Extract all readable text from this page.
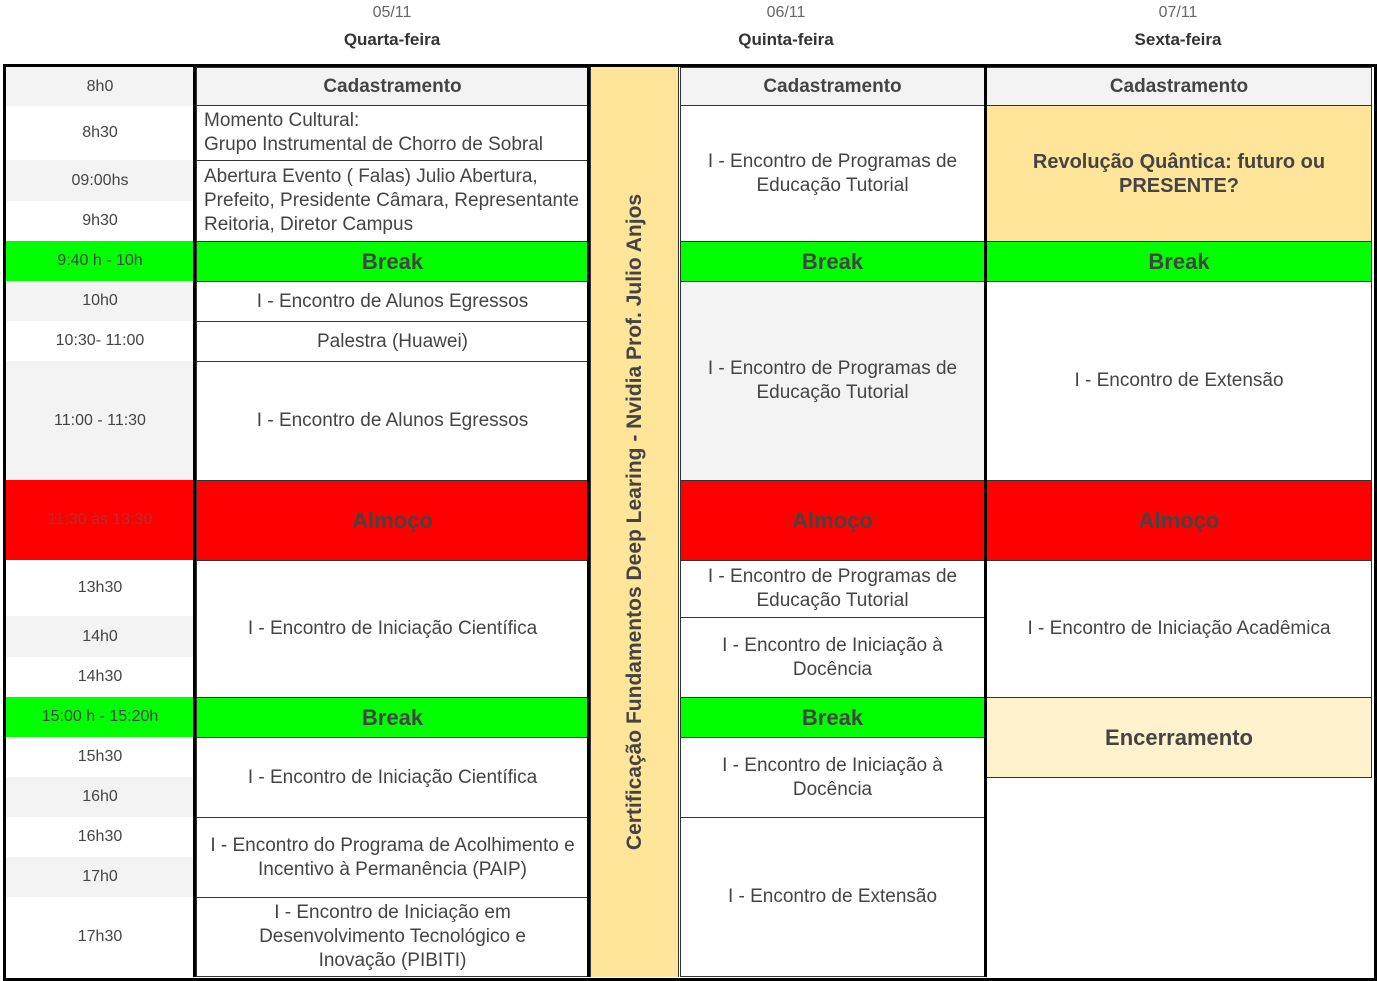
05/11
Quarta-feira
06/11
Quinta-feira
07/11
Sexta-feira
8h0
8h30
09:00hs
9h30
9:40 h - 10h
10h0
10:30- 11:00
11:00 - 11:30
11:30 às 13:30
13h30
14h0
14h30
15:00 h - 15:20h
15h30
16h0
16h30
17h0
17h30
Cadastramento
Momento Cultural:
Grupo Instrumental de Chorro de Sobral
Abertura Evento ( Falas) Julio Abertura, Prefeito, Presidente Câmara, Representante Reitoria, Diretor Campus
Break
I - Encontro de Alunos Egressos
Palestra (Huawei)
I - Encontro de Alunos Egressos
Almoço
I - Encontro de Iniciação Científica
Break
I - Encontro de Iniciação Científica
I - Encontro do Programa de Acolhimento e Incentivo à Permanência (PAIP)
I - Encontro de Iniciação em Desenvolvimento Tecnológico e Inovação (PIBITI)
Certificação Fundamentos Deep Learing - Nvidia Prof. Julio Anjos
Cadastramento
I - Encontro de Programas de Educação Tutorial
Break
I - Encontro de Programas de Educação Tutorial
Almoço
I - Encontro de Programas de Educação Tutorial
I - Encontro de Iniciação à Docência
Break
I - Encontro de Iniciação à Docência
I - Encontro de Extensão
Cadastramento
Revolução Quântica: futuro ou PRESENTE?
Break
I - Encontro de Extensão
Almoço
I - Encontro de Iniciação Acadêmica
Encerramento
